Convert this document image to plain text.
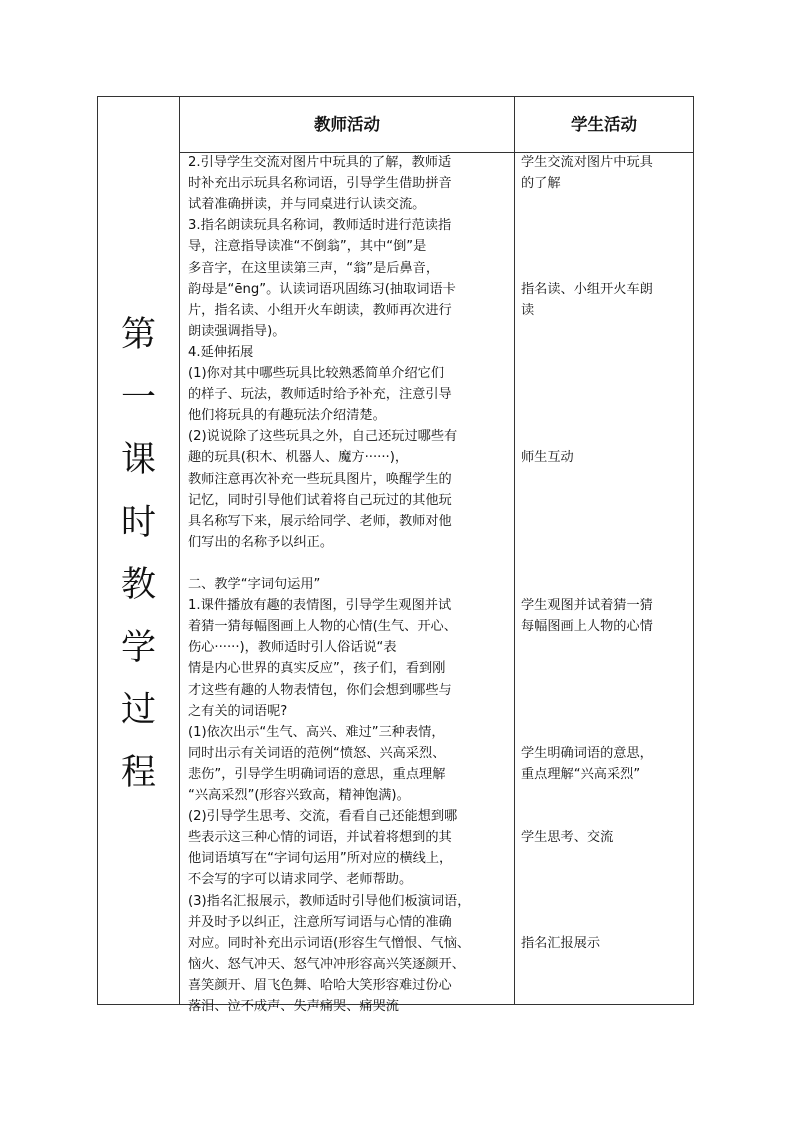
第
一
课
时
教
学
过
程
教师活动	学生活动
2.引导学生交流对图片中玩具的了解，教师适
时补充出示玩具名称词语，引导学生借助拼音
试着准确拼读，并与同桌进行认读交流。
3.指名朗读玩具名称词，教师适时进行范读指
导，注意指导读准“不倒翁”，其中“倒”是
多音字，在这里读第三声，“翁”是后鼻音，
韵母是“ēng”。认读词语巩固练习(抽取词语卡
片，指名读、小组开火车朗读，教师再次进行
朗读强调指导)。
4.延伸拓展
(1)你对其中哪些玩具比较熟悉简单介绍它们
的样子、玩法，教师适时给予补充，注意引导
他们将玩具的有趣玩法介绍清楚。
(2)说说除了这些玩具之外，自己还玩过哪些有
趣的玩具(积木、机器人、魔方······)，
教师注意再次补充一些玩具图片，唤醒学生的
记忆，同时引导他们试着将自己玩过的其他玩
具名称写下来，展示给同学、老师，教师对他
们写出的名称予以纠正。
二、教学“字词句运用”
1.课件播放有趣的表情图，引导学生观图并试
着猜一猜每幅图画上人物的心情(生气、开心、
伤心······)，教师适时引人俗话说“表
情是内心世界的真实反应”，孩子们，看到刚
才这些有趣的人物表情包，你们会想到哪些与
之有关的词语呢?
(1)依次出示“生气、高兴、难过”三种表情，
同时出示有关词语的范例“愤怒、兴高采烈、
悲伤”，引导学生明确词语的意思，重点理解
“兴高采烈”(形容兴致高，精神饱满)。
(2)引导学生思考、交流，看看自己还能想到哪
些表示这三种心情的词语，并试着将想到的其
他词语填写在“字词句运用”所对应的横线上，
不会写的字可以请求同学、老师帮助。
(3)指名汇报展示，教师适时引导他们板演词语，
并及时予以纠正，注意所写词语与心情的准确
对应。同时补充出示词语(形容生气憎恨、气恼、
恼火、怒气冲天、怒气冲冲形容高兴笑逐颜开、
喜笑颜开、眉飞色舞、哈哈大笑形容难过份心
落泪、泣不成声、失声痛哭、痛哭流
学生交流对图片中玩具
的了解
指名读、小组开火车朗
读
师生互动
学生观图并试着猜一猜
每幅图画上人物的心情
学生明确词语的意思，
重点理解“兴高采烈”
学生思考、交流
指名汇报展示
